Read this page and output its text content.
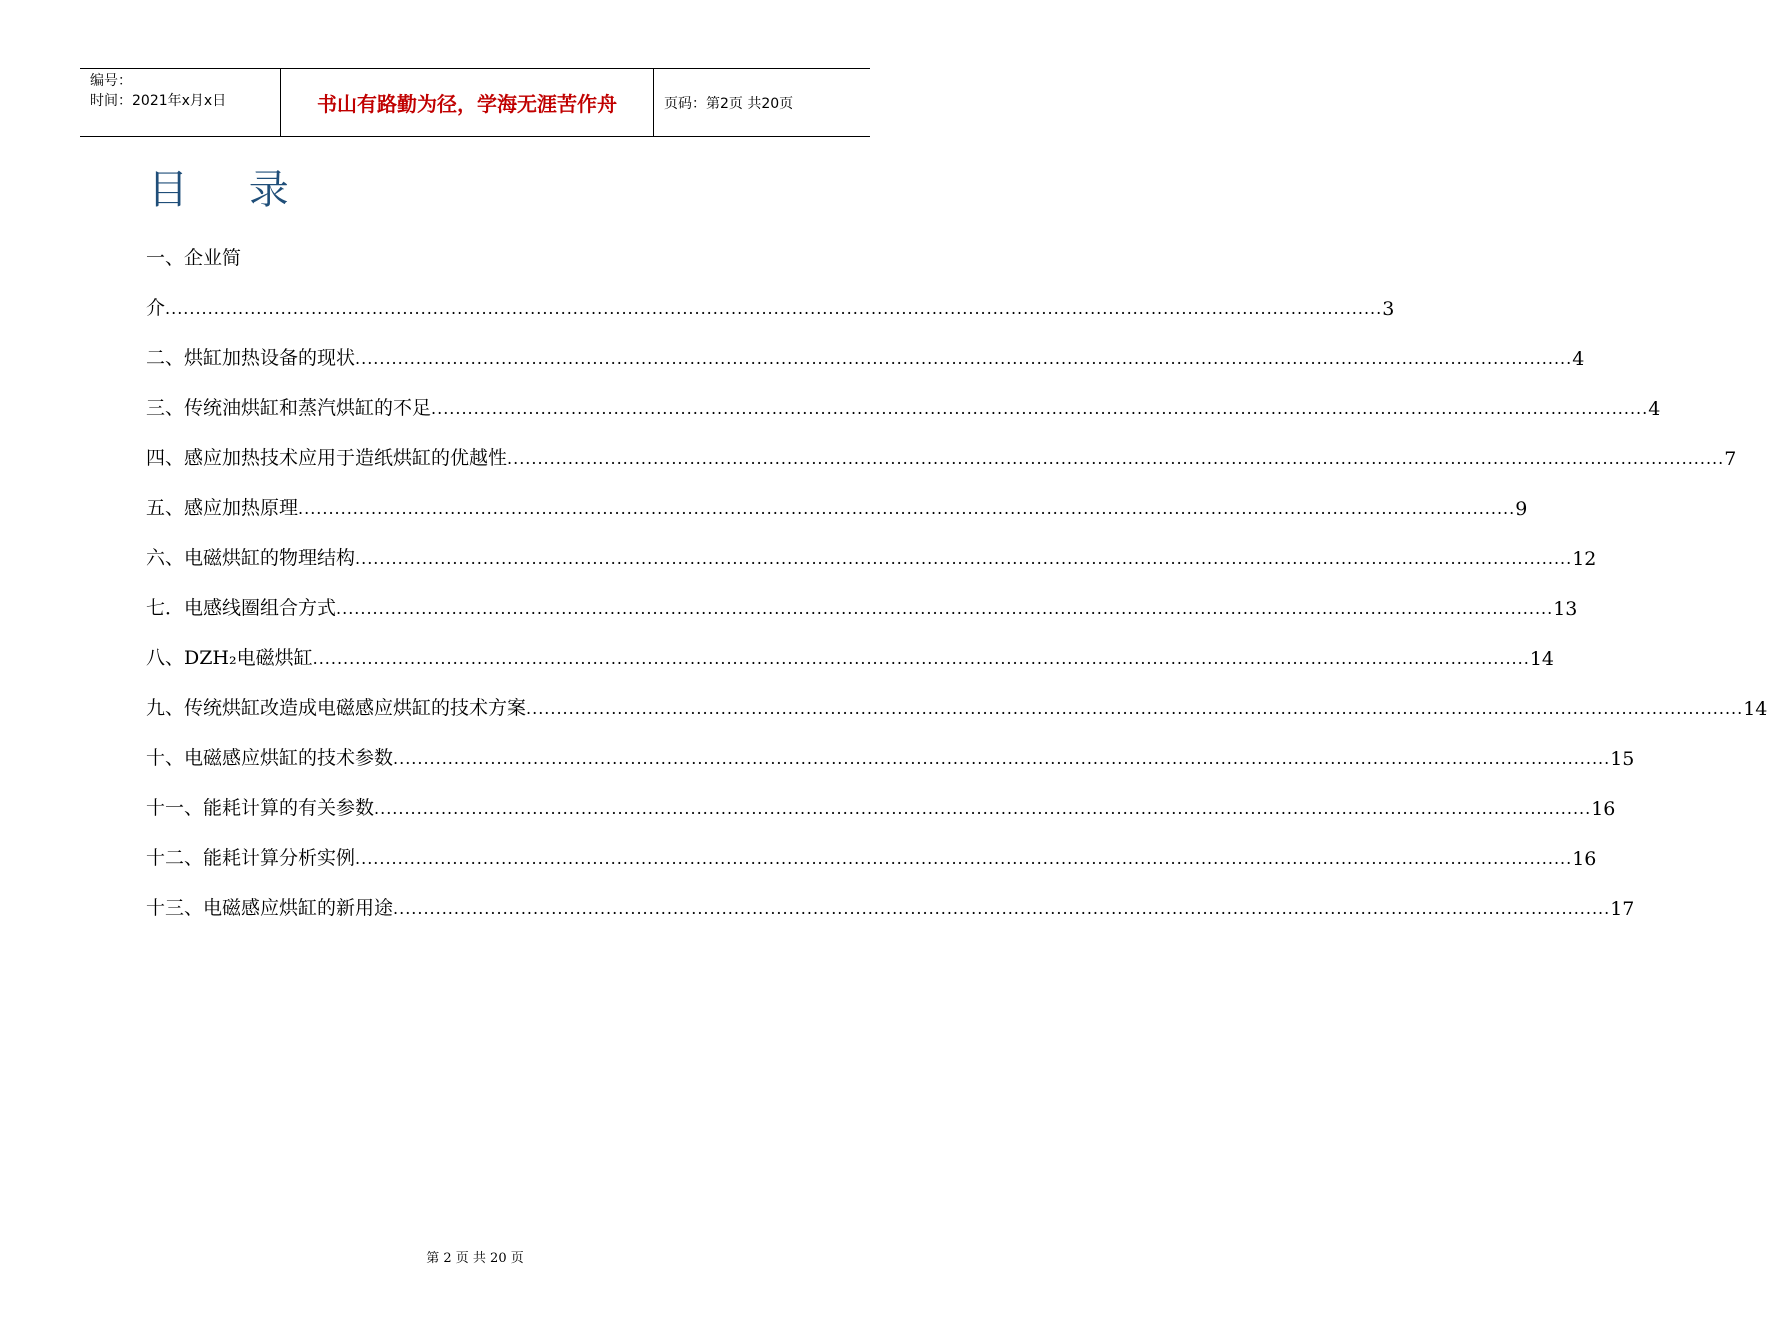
编号：
时间：2021年x月x日	书山有路勤为径，学海无涯苦作舟	页码：第2页 共20页
目 录
一、企业简
介 ........................................................................................................................................................................................................ 3
二、烘缸加热设备的现状 ........................................................................................................................................................................................................ 4
三、传统油烘缸和蒸汽烘缸的不足 ........................................................................................................................................................................................................ 4
四、感应加热技术应用于造纸烘缸的优越性 ........................................................................................................................................................................................................ 7
五、感应加热原理 ........................................................................................................................................................................................................ 9
六、电磁烘缸的物理结构 ........................................................................................................................................................................................................ 12
七．电感线圈组合方式 ........................................................................................................................................................................................................ 13
八、DZH₂电磁烘缸 ........................................................................................................................................................................................................ 14
九、传统烘缸改造成电磁感应烘缸的技术方案 ........................................................................................................................................................................................................ 14
十、电磁感应烘缸的技术参数 ........................................................................................................................................................................................................ 15
十一、能耗计算的有关参数 ........................................................................................................................................................................................................ 16
十二、能耗计算分析实例 ........................................................................................................................................................................................................ 16
十三、电磁感应烘缸的新用途 ........................................................................................................................................................................................................ 17
第 2 页 共 20 页
